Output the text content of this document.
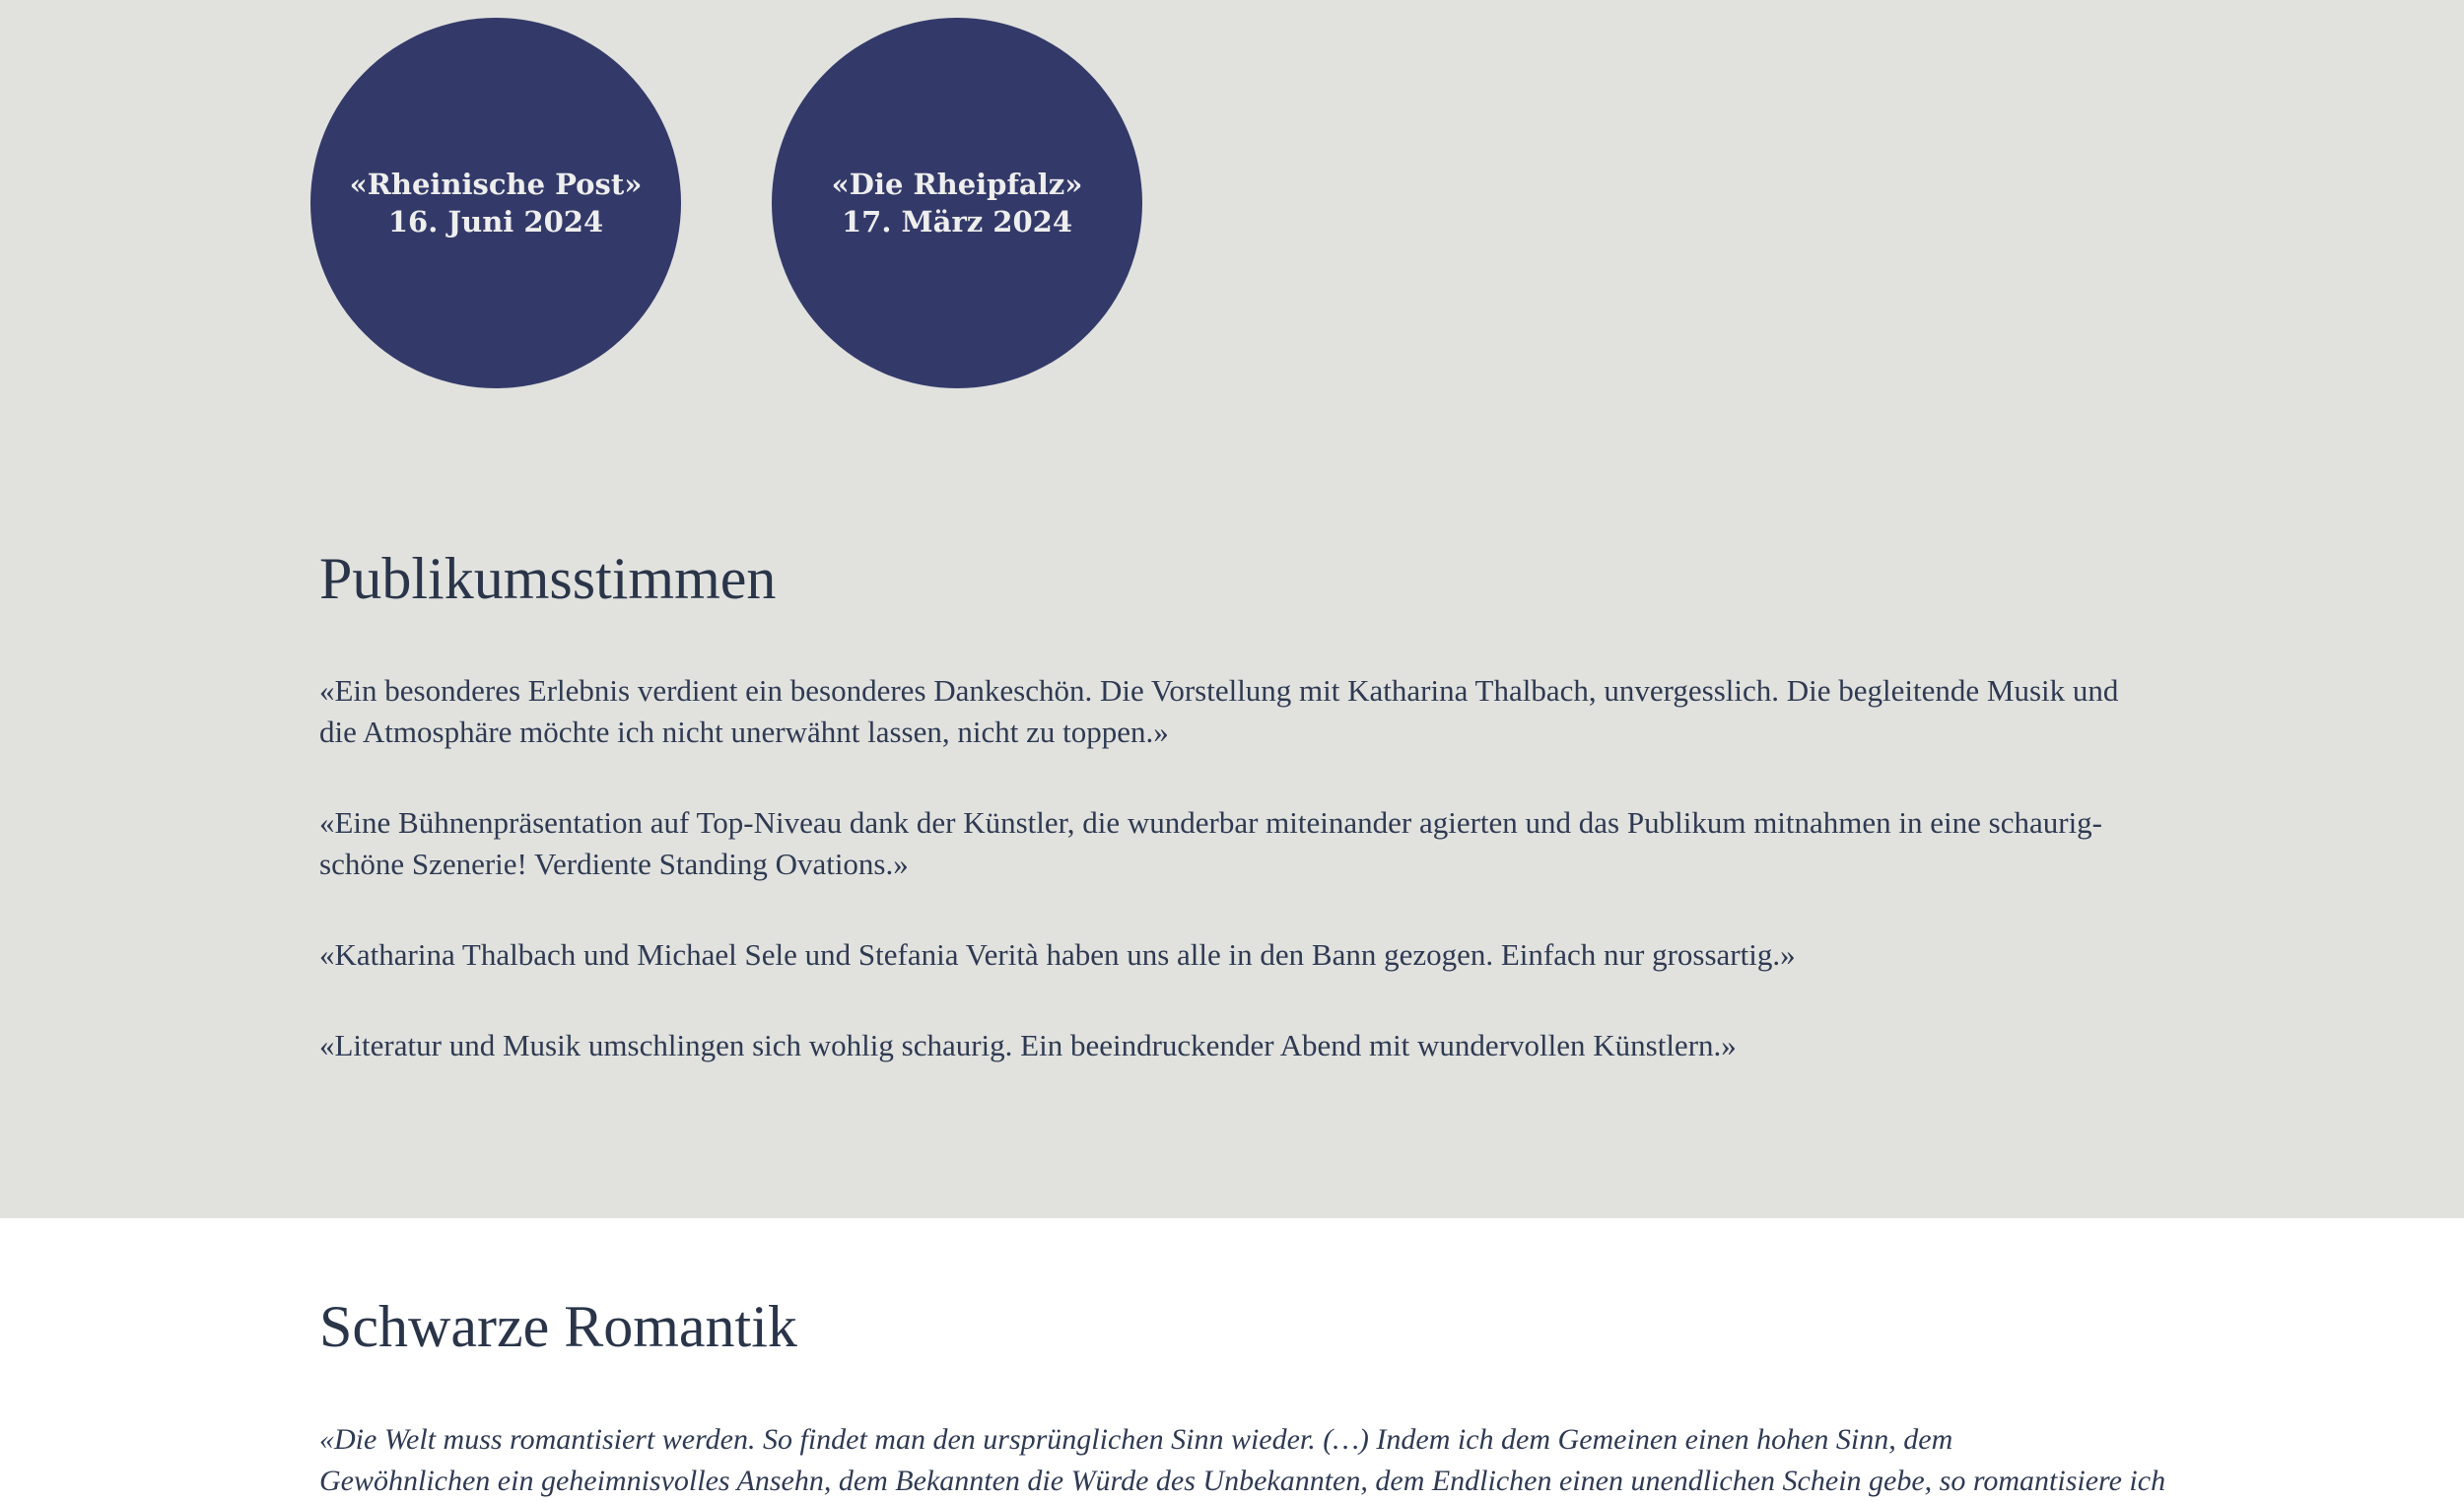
«Rheinische Post»
16. Juni 2024
«Die Rheipfalz»
17. März 2024
Publikumsstimmen

«Ein besonderes Erlebnis verdient ein besonderes Dankeschön. Die Vorstellung mit Katharina Thalbach, unvergesslich. Die begleitende Musik und die Atmosphäre möchte ich nicht unerwähnt lassen, nicht zu toppen.»

«Eine Bühnenpräsentation auf Top-Niveau dank der Künstler, die wunderbar miteinander agierten und das Publikum mitnahmen in eine schaurig-schöne Szenerie! Verdiente Standing Ovations.»

«Katharina Thalbach und Michael Sele und Stefania Verità haben uns alle in den Bann gezogen. Einfach nur grossartig.»

«Literatur und Musik umschlingen sich wohlig schaurig. Ein beeindruckender Abend mit wundervollen Künstlern.»

Schwarze Romantik

«Die Welt muss romantisiert werden. So findet man den ursprünglichen Sinn wieder. (…) Indem ich dem Gemeinen einen hohen Sinn, dem
Gewöhnlichen ein geheimnisvolles Ansehn, dem Bekannten die Würde des Unbekannten, dem Endlichen einen unendlichen Schein gebe, so romantisiere ich
